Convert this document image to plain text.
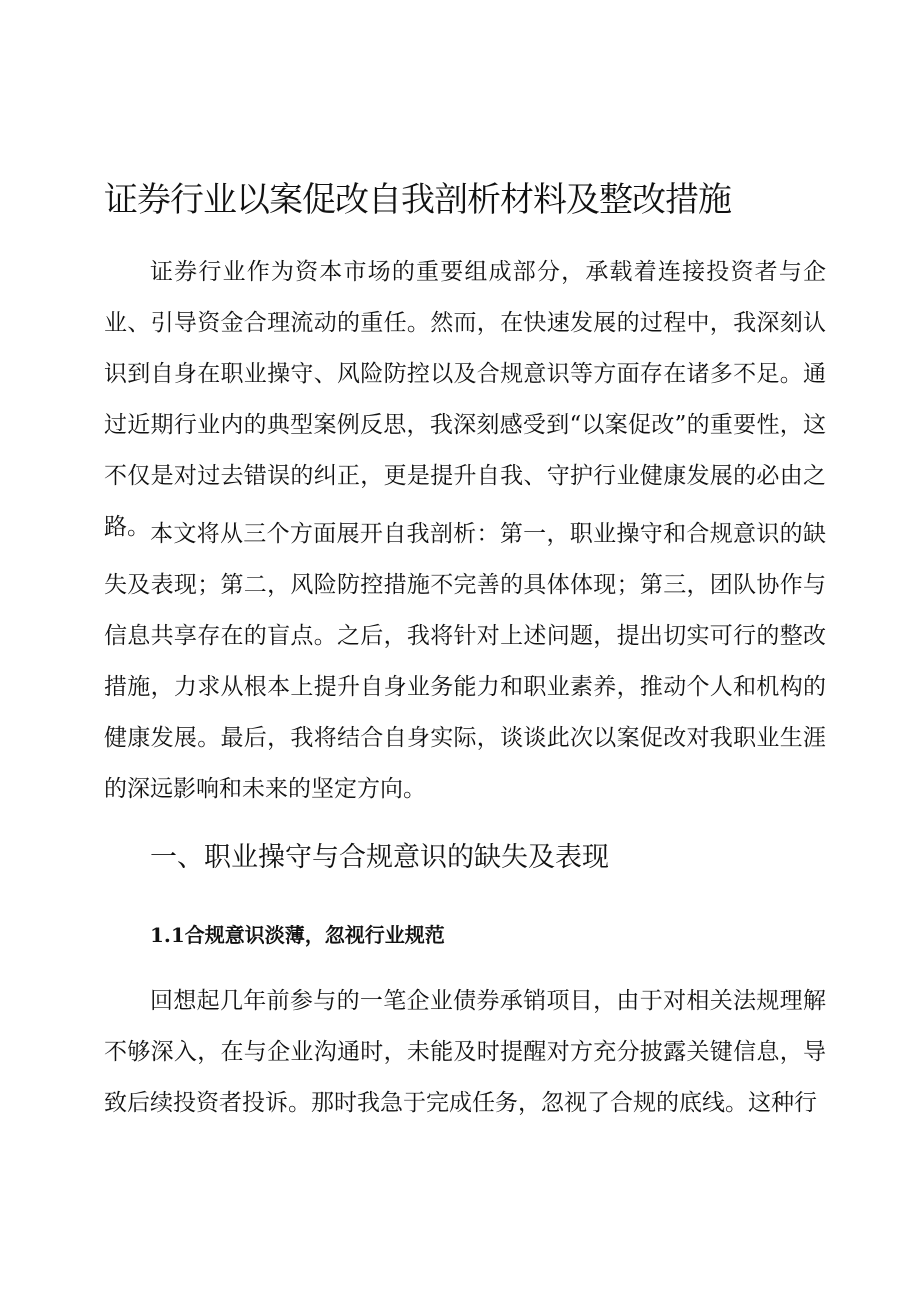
证券行业以案促改自我剖析材料及整改措施

证券行业作为资本市场的重要组成部分，承载着连接投资者与企业、引导资金合理流动的重任。然而，在快速发展的过程中，我深刻认识到自身在职业操守、风险防控以及合规意识等方面存在诸多不足。通过近期行业内的典型案例反思，我深刻感受到“以案促改”的重要性，这不仅是对过去错误的纠正，更是提升自我、守护行业健康发展的必由之路。 本文将从三个方面展开自我剖析：第一，职业操守和合规意识的缺失及表现；第二，风险防控措施不完善的具体体现；第三，团队协作与信息共享存在的盲点。之后，我将针对上述问题，提出切实可行的整改措施，力求从根本上提升自身业务能力和职业素养，推动个人和机构的健康发展。最后，我将结合自身实际，谈谈此次以案促改对我职业生涯的深远影响和未来的坚定方向。

一、职业操守与合规意识的缺失及表现
1.1合规意识淡薄，忽视行业规范

回想起几年前参与的一笔企业债券承销项目，由于对相关法规理解不够深入，在与企业沟通时，未能及时提醒对方充分披露关键信息，导致后续投资者投诉。那时我急于完成任务，忽视了合规的底线。这种行
